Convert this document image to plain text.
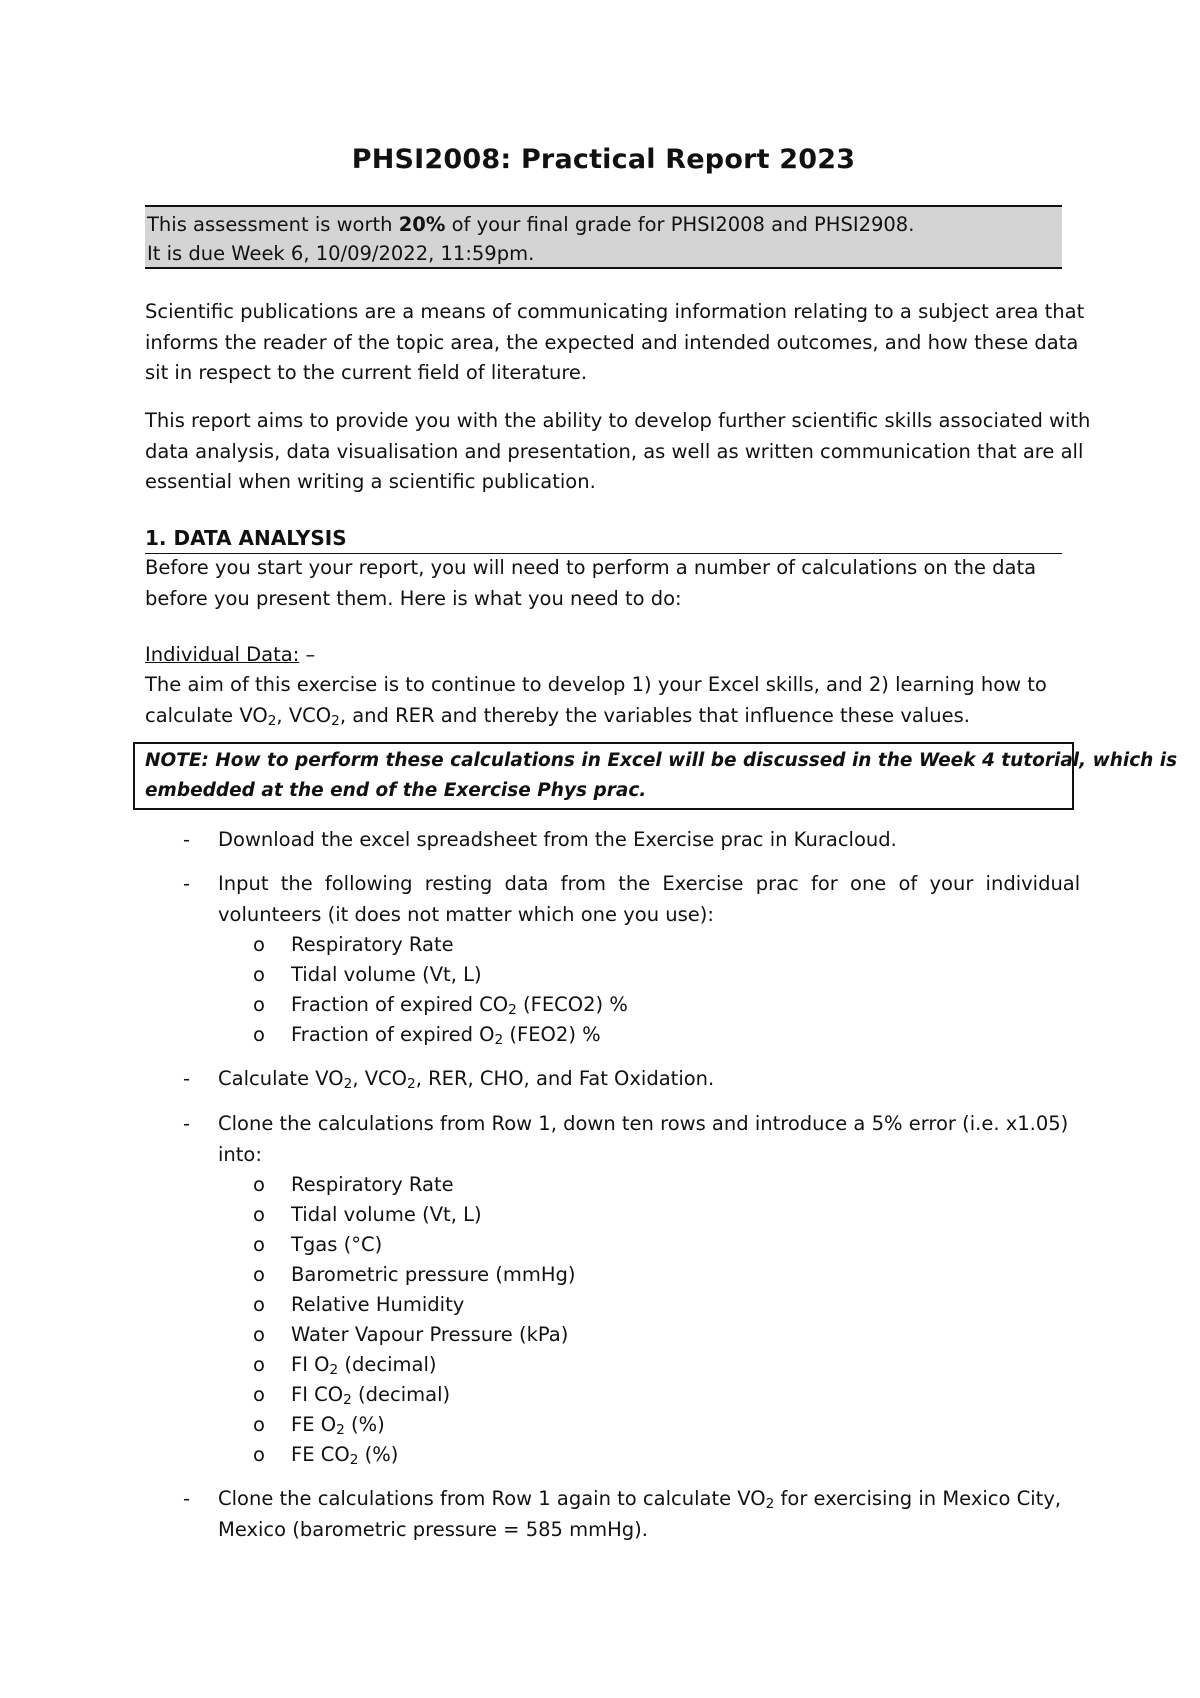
PHSI2008: Practical Report 2023
This assessment is worth 20% of your final grade for PHSI2008 and PHSI2908.
It is due Week 6, 10/09/2022, 11:59pm.
Scientific publications are a means of communicating information relating to a subject area that
informs the reader of the topic area, the expected and intended outcomes, and how these data
sit in respect to the current field of literature.
This report aims to provide you with the ability to develop further scientific skills associated with
data analysis, data visualisation and presentation, as well as written communication that are all
essential when writing a scientific publication.
1. DATA ANALYSIS
Before you start your report, you will need to perform a number of calculations on the data
before you present them. Here is what you need to do:
Individual Data: –
The aim of this exercise is to continue to develop 1) your Excel skills, and 2) learning how to
calculate $VO_2$, $VCO_2$, and RER and thereby the variables that influence these values.
NOTE: How to perform these calculations in Excel will be discussed in the Week 4 tutorial, which is
embedded at the end of the Exercise Phys prac.
- Download the excel spreadsheet from the Exercise prac in Kuracloud.
- Input the following resting data from the Exercise prac for one of your individual
volunteers (it does not matter which one you use):
o Respiratory Rate
o Tidal volume (Vt, L)
o Fraction of expired $CO_2$ (FECO2) %
o Fraction of expired $O_2$ (FEO2) %
- Calculate $VO_2$, $VCO_2$, RER, CHO, and Fat Oxidation.
- Clone the calculations from Row 1, down ten rows and introduce a 5% error (i.e. x1.05)
into:
o Respiratory Rate
o Tidal volume (Vt, L)
o Tgas (°C)
o Barometric pressure (mmHg)
o Relative Humidity
o Water Vapour Pressure (kPa)
o FI $O_2$ (decimal)
o FI $CO_2$ (decimal)
o FE $O_2$ (%)
o FE $CO_2$ (%)
- Clone the calculations from Row 1 again to calculate $VO_2$ for exercising in Mexico City,
Mexico (barometric pressure = 585 mmHg).
